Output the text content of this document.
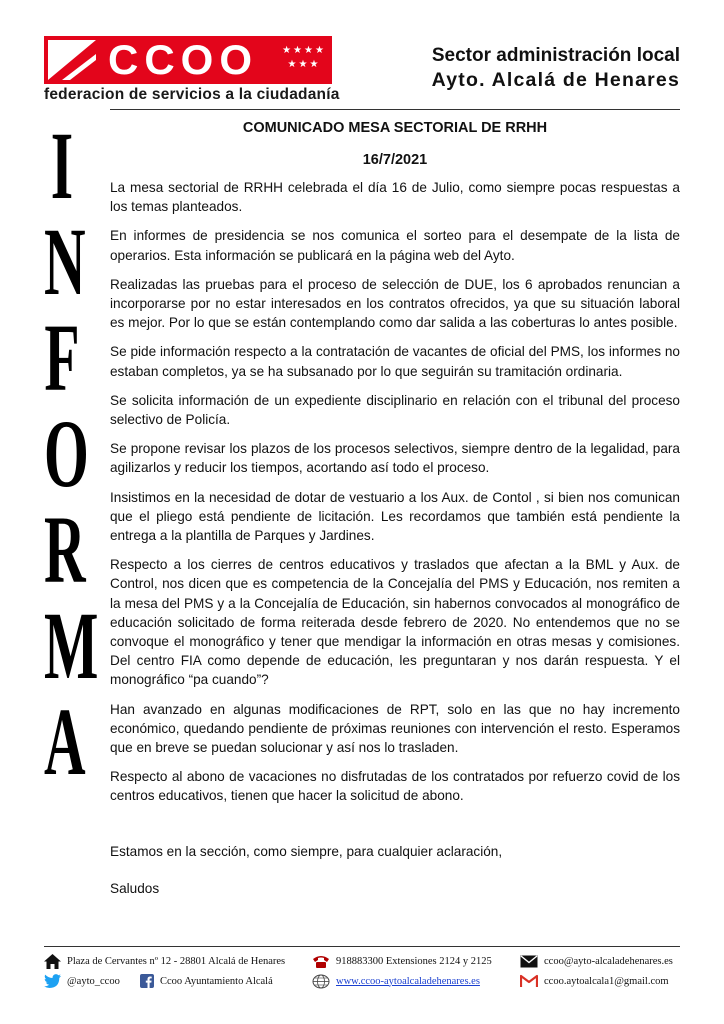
CCOO ★★★★
★★★
federacion de servicios a la ciudadanía
Sector administración local
Ayto. Alcalá de Henares
I
N
F
O
R
M
A

COMUNICADO MESA SECTORIAL DE RRHH

16/7/2021

La mesa sectorial de RRHH celebrada el día 16 de Julio, como siempre pocas respuestas a los temas planteados.

En informes de presidencia se nos comunica el sorteo para el desempate de la lista de operarios. Esta información se publicará en la página web del Ayto.

Realizadas las pruebas para el proceso de selección de DUE, los 6 aprobados renuncian a incorporarse por no estar interesados en los contratos ofrecidos, ya que su situación laboral es mejor. Por lo que se están contemplando como dar salida a las coberturas lo antes posible.

Se pide información respecto a la contratación de vacantes de oficial del PMS, los informes no estaban completos, ya se ha subsanado por lo que seguirán su tramitación ordinaria.

Se solicita información de un expediente disciplinario en relación con el tribunal del proceso selectivo de Policía.

Se propone revisar los plazos de los procesos selectivos, siempre dentro de la legalidad, para agilizarlos y reducir los tiempos, acortando así todo el proceso.

Insistimos en la necesidad de dotar de vestuario a los Aux. de Contol , si bien nos comunican que el pliego está pendiente de licitación. Les recordamos que también está pendiente la entrega a la plantilla de Parques y Jardines.

Respecto a los cierres de centros educativos y traslados que afectan a la BML y Aux. de Control, nos dicen que es competencia de la Concejalía del PMS y Educación, nos remiten a la mesa del PMS y a la Concejalía de Educación, sin habernos convocados al monográfico de educación solicitado de forma reiterada desde febrero de 2020. No entendemos que no se convoque el monográfico y tener que mendigar la información en otras mesas y comisiones. Del centro FIA como depende de educación, les preguntaran y nos darán respuesta. Y el monográfico “pa cuando”?

Han avanzado en algunas modificaciones de RPT, solo en las que no hay incremento económico, quedando pendiente de próximas reuniones con intervención el resto. Esperamos que en breve se puedan solucionar y así nos lo trasladen.

Respecto al abono de vacaciones no disfrutadas de los contratados por refuerzo covid de los centros educativos, tienen que hacer la solicitud de abono.

Estamos en la sección, como siempre, para cualquier aclaración,

Saludos

Plaza de Cervantes nº 12 - 28801 Alcalá de Henares	918883300 Extensiones 2124 y 2125	ccoo@ayto-alcaladehenares.es
@ayto_ccoo	Ccoo Ayuntamiento Alcalá	www.ccoo-aytoalcaladehenares.es	ccoo.aytoalcala1@gmail.com
